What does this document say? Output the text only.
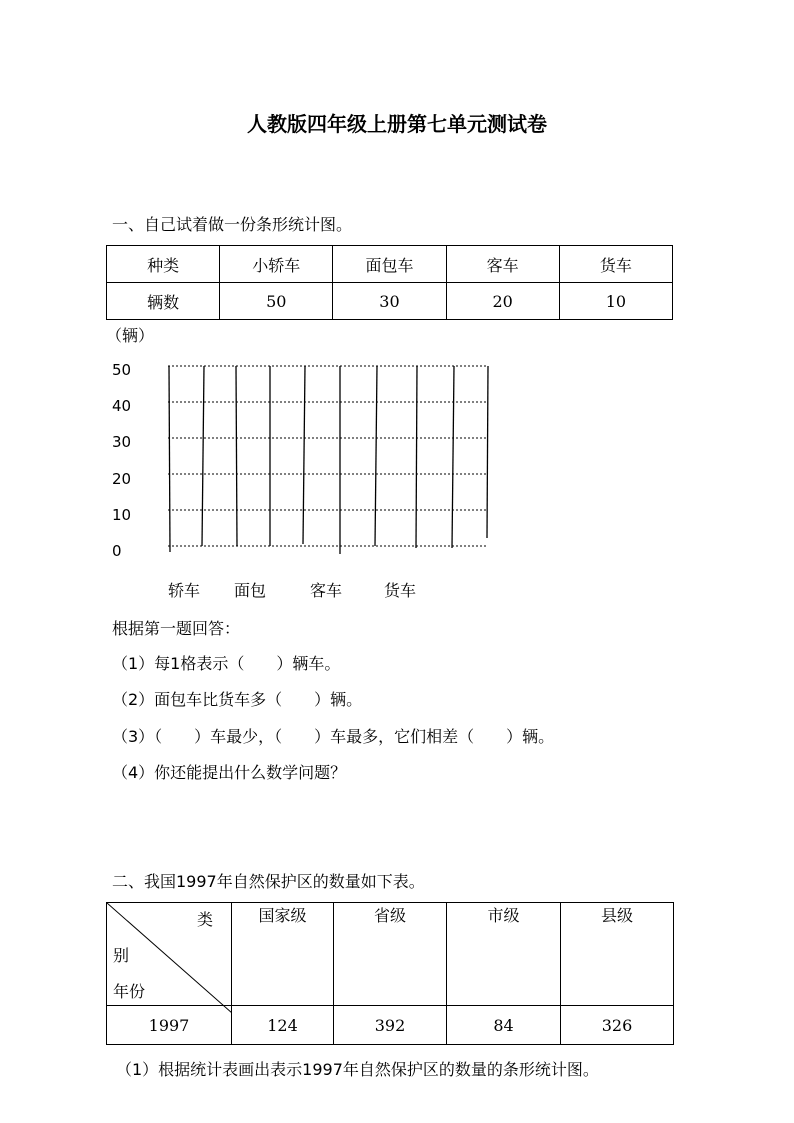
人教版四年级上册第七单元测试卷
一、自己试着做一份条形统计图。
种类	小轿车	面包车	客车	货车
辆数	50	30	20	10
（辆）
50
40
30
20
10
0
轿车 面包	客车	货车
根据第一题回答：
（1）每1格表示（　　）辆车。
（2）面包车比货车多（　　）辆。
（3）（　　）车最少，（　　）车最多，它们相差（　　）辆。
（4）你还能提出什么数学问题？
二、我国1997年自然保护区的数量如下表。
类
别
年份	国家级	省级	市级	县级
1997	124	392	84	326
（1）根据统计表画出表示1997年自然保护区的数量的条形统计图。
